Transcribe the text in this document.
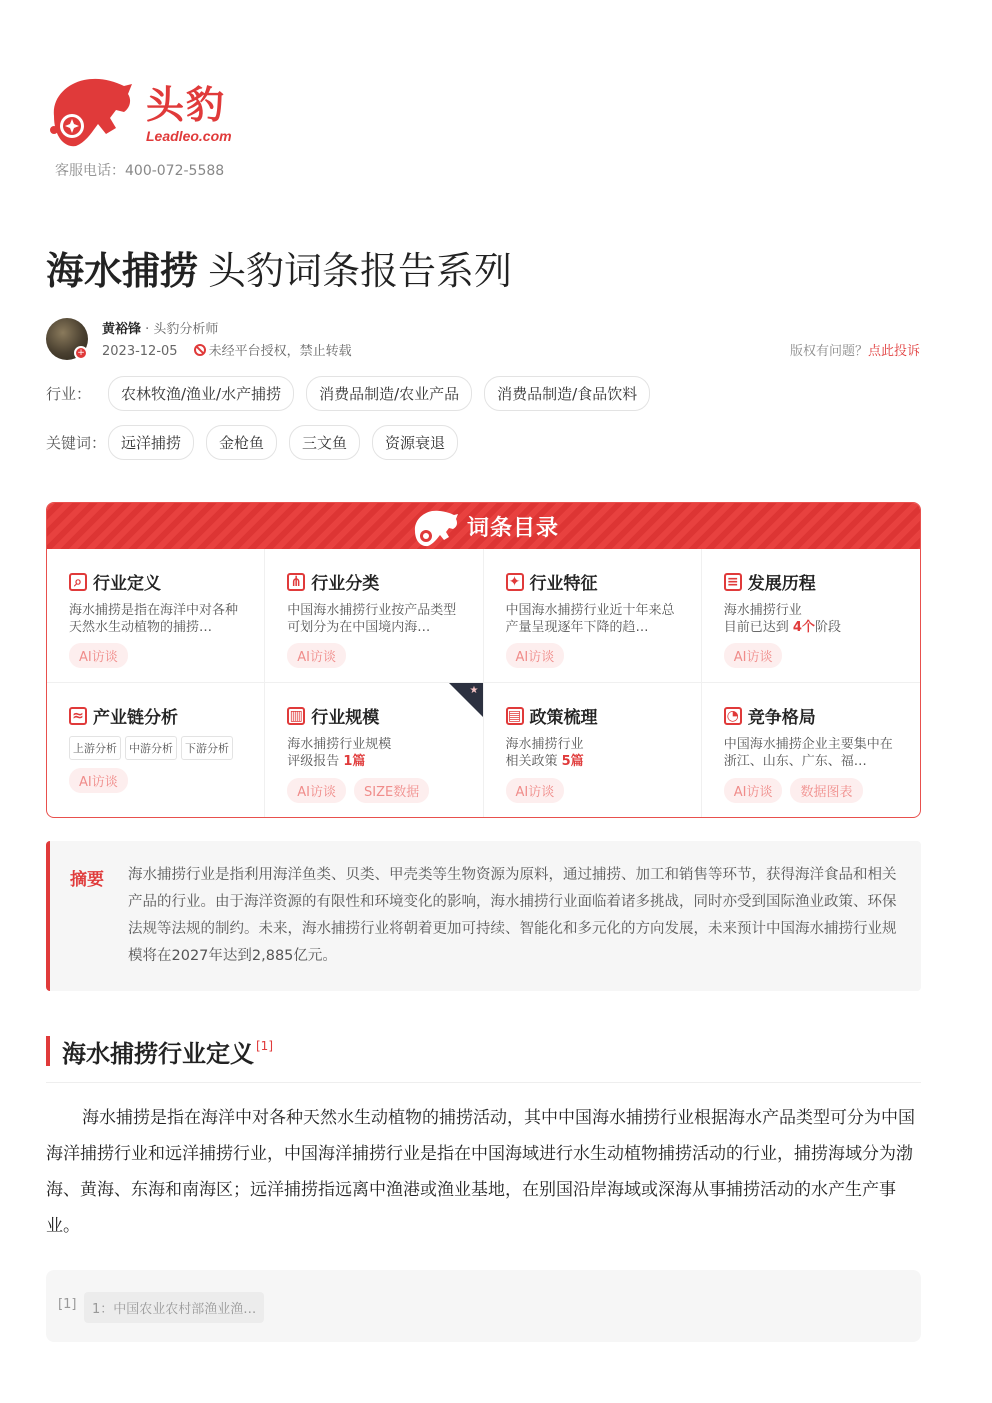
头豹
Leadleo.com
客服电话：400-072-5588
海水捕捞 头豹词条报告系列
+
黄裕锋 · 头豹分析师
2023-12-05 未经平台授权，禁止转载	版权有问题？点此投诉
行业：	农林牧渔/渔业/水产捕捞	消费品制造/农业产品	消费品制造/食品饮料
关键词： 远洋捕捞	金枪鱼	三文鱼	资源衰退
词条目录
⌕ 行业定义
海水捕捞是指在海洋中对各种天然水生动植物的捕捞…
AI访谈
⋔ 行业分类
中国海水捕捞行业按产品类型可划分为在中国境内海…
AI访谈
✦ 行业特征
中国海水捕捞行业近十年来总产量呈现逐年下降的趋…
AI访谈
≡ 发展历程
海水捕捞行业
目前已达到 4个阶段
AI访谈
≈ 产业链分析
上游分析	中游分析	下游分析
AI访谈
★
▥ 行业规模
海水捕捞行业规模
评级报告 1篇
AI访谈	SIZE数据
▤ 政策梳理
海水捕捞行业
相关政策 5篇
AI访谈
◔ 竞争格局
中国海水捕捞企业主要集中在浙江、山东、广东、福…
AI访谈	数据图表
摘要 海水捕捞行业是指利用海洋鱼类、贝类、甲壳类等生物资源为原料，通过捕捞、加工和销售等环节，获得海洋食品和相关产品的行业。由于海洋资源的有限性和环境变化的影响，海水捕捞行业面临着诸多挑战，同时亦受到国际渔业政策、环保法规等法规的制约。未来，海水捕捞行业将朝着更加可持续、智能化和多元化的方向发展，未来预计中国海水捕捞行业规模将在2027年达到2,885亿元。
海水捕捞行业定义 [1]
海水捕捞是指在海洋中对各种天然水生动植物的捕捞活动，其中中国海水捕捞行业根据海水产品类型可分为中国海洋捕捞行业和远洋捕捞行业，中国海洋捕捞行业是指在中国海域进行水生动植物捕捞活动的行业，捕捞海域分为渤海、黄海、东海和南海区；远洋捕捞指远离中渔港或渔业基地，在别国沿岸海域或深海从事捕捞活动的水产生产事业。
[1]	1：中国农业农村部渔业渔…
